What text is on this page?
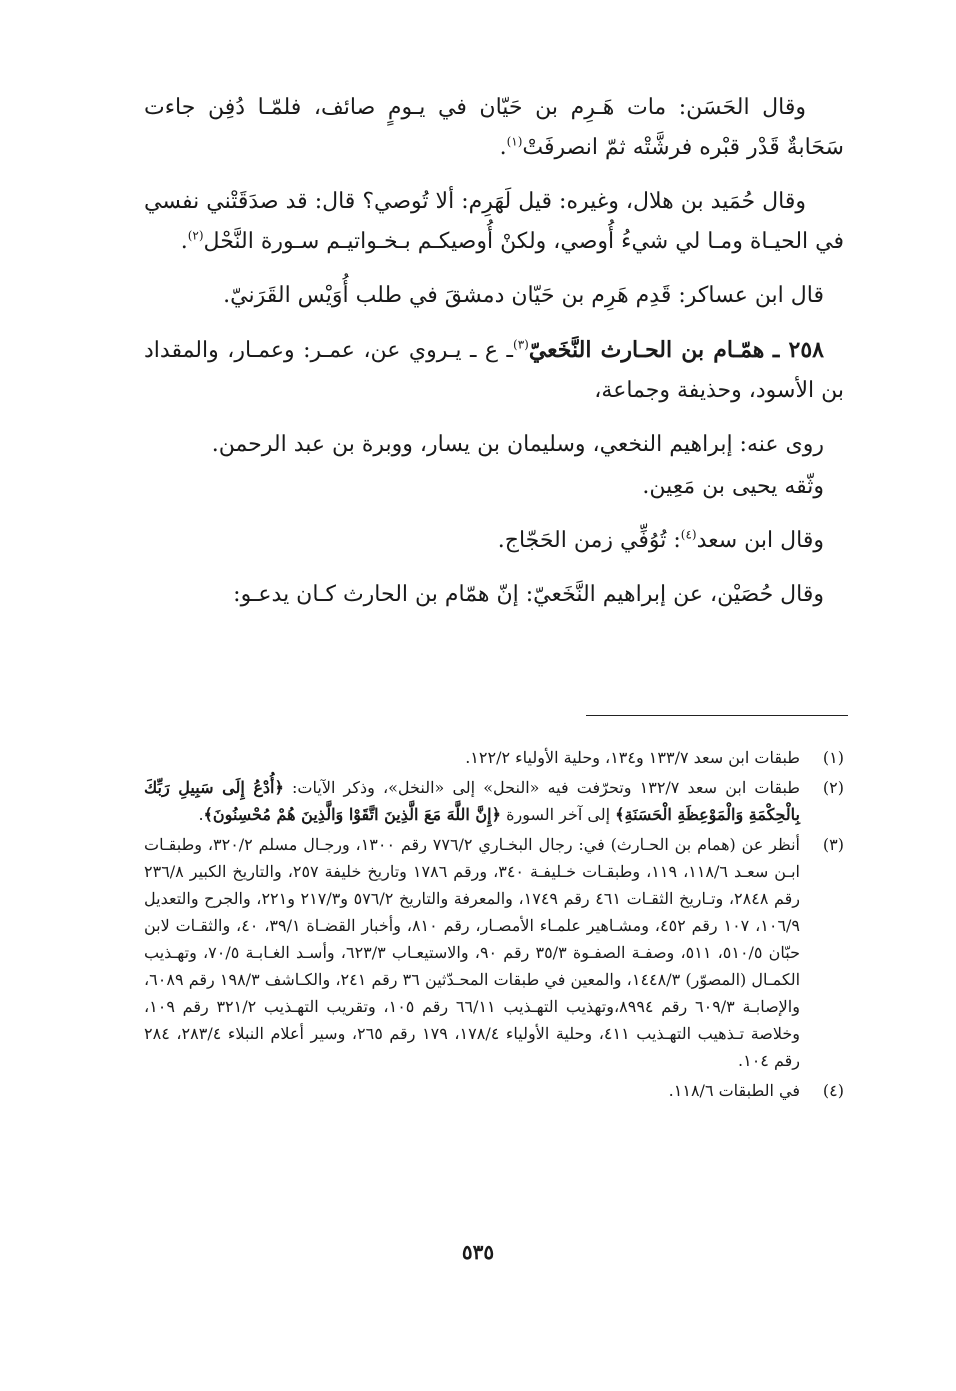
وقال الحَسَن: مات هَـرِم بن حَيّان في يـومٍ صائف، فلمّـا دُفِن جاءت سَحَابةٌ قَدْر قبْره فرشَّتْه ثمّ انصرفَتْ$^{(١)}$.

وقال حُمَيد بن هلال، وغيره: قيل لَهَرِم: ألا تُوصي؟ قال: قد صدَقَتْني نفسي في الحيـاة ومـا لي شيءُ أُوصي، ولكنْ أُوصيكـم بـخـواتيـم سـورة النَّحْل$^{(٢)}$.

قال ابن عساكر: قَدِم هَرِم بن حَيّان دمشقَ في طلب أُوَيْس القَرَنيّ.

٢٥٨ ـ همّـام بن الحـارث النَّخَعيّ$^{(٣)}$ـ ع ـ يـروي عن، عمـر: وعمـار، والمقداد بن الأسود، وحذيفة وجماعة،

روى عنه: إبراهيم النخعي، وسليمان بن يسار، ووبرة بن عبد الرحمن.

وثّقه يحيى بن مَعِين.

وقال ابن سعد$^{(٤)}$: تُوُفِّي زمن الحَجّاج.

وقال حُصَيْن، عن إبراهيم النَّخَعيّ: إنّ همّام بن الحارث كـان يدعـو:

(١)
طبقات ابن سعد ١٣٣/٧ و١٣٤، وحلية الأولياء ١٢٢/٢.
(٢)
طبقات ابن سعد ١٣٢/٧ وتحرّفت فيه «النحل» إلى «النخل»، وذكر الآيات: ﴿أُدْعُ إِلَى سَبِيلِ رَبِّكَ بِالْحِكْمَةِ وَالْمَوْعِظَةِ الْحَسَنَةِ﴾ إلى آخر السورة ﴿إِنَّ اللَّهَ مَعَ الَّذِينَ اتَّقَوْا وَالَّذِينَ هُمْ مُحْسِنُونَ﴾.
(٣)
أنظر عن (همام بن الحـارث) في: رجال البخـاري ٧٧٦/٢ رقم ١٣٠٠، ورجـال مسلم ٣٢٠/٢، وطبقـات ابـن سعـد ١١٨/٦، ١١٩، وطبقـات خـليفـة ٣٤٠، ورقم ١٧٨٦ وتاريخ خليفة ٢٥٧، والتاريخ الكبير ٢٣٦/٨ رقم ٢٨٤٨، وتـاريخ الثقـات ٤٦١ رقم ١٧٤٩، والمعرفة والتاريخ ٥٧٦/٢ و٢١٧/٣ و٢٢١، والجرح والتعديل ١٠٦/٩، ١٠٧ رقم ٤٥٢، ومشـاهير علمـاء الأمصـار، رقم ٨١٠، وأخبار القضـاة ٣٩/١، ٤٠، والثقـات لابن حبّان ٥١٠/٥، ٥١١، وصفـة الصفـوة ٣٥/٣ رقم ٩٠، والاستيعـاب ٦٢٣/٣، وأسـد الغـابـة ٧٠/٥، وتهـذيب الكمـال (المصوّر) ١٤٤٨/٣، والمعين في طبقات المحـدّثين ٣٦ رقم ٢٤١، والكـاشف ١٩٨/٣ رقم ٦٠٨٩، والإصابـة ٦٠٩/٣ رقم ٨٩٩٤،وتهذيب التهـذيب ٦٦/١١ رقم ١٠٥، وتقريب التهـذيب ٣٢١/٢ رقم ١٠٩، وخلاصة تـذهيب التهـذيب ٤١١، وحلية الأولياء ١٧٨/٤، ١٧٩ رقم ٢٦٥، وسير أعلام النبلاء ٢٨٣/٤، ٢٨٤ رقم ١٠٤.
(٤)
في الطبقات ١١٨/٦.
٥٣٥
